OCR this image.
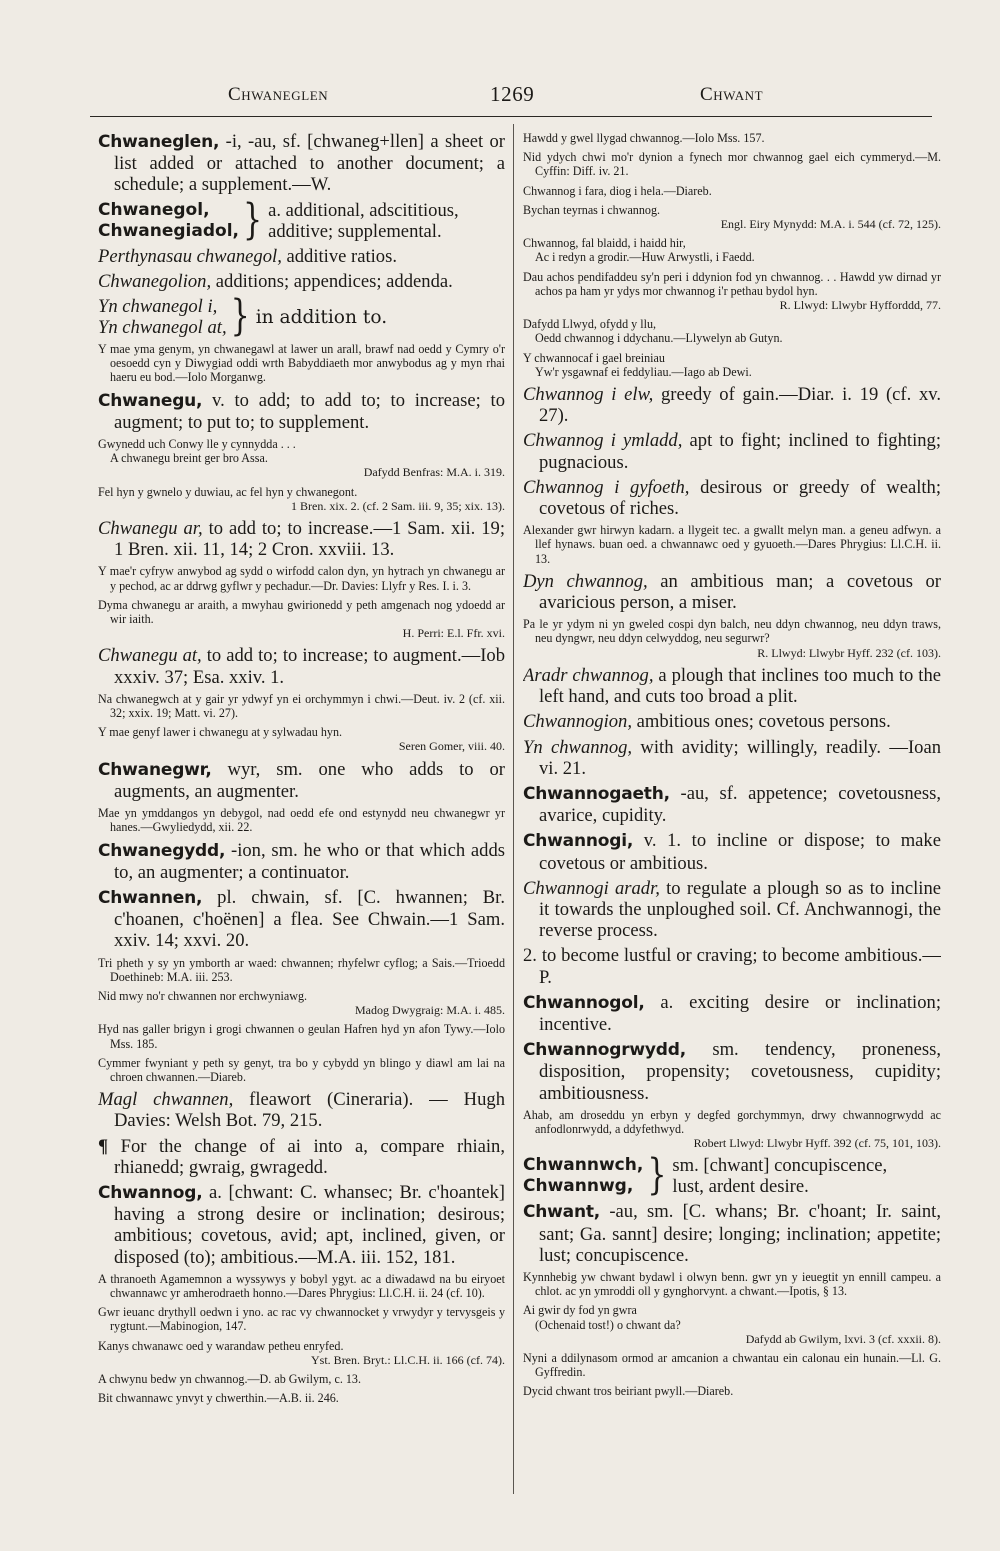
Chwaneglen	1269	Chwant

Chwaneglen, -i, -au, sf. [chwaneg+llen] a sheet or list added or attached to another document; a schedule; a supplement.—W.

Chwanegol,
Chwanegiadol, } a. additional, adscititious, additive; supplemental.

Perthynasau chwanegol, additive ratios.

Chwanegolion, additions; appendices; addenda.

Yn chwanegol i,
Yn chwanegol at, } in addition to.

Y mae yma genym, yn chwanegawl at lawer un arall, brawf nad oedd y Cymry o'r oesoedd cyn y Diwygiad oddi wrth Babyddiaeth mor anwybodus ag y myn rhai haeru eu bod.—Iolo Morganwg.

Chwanegu, v. to add; to add to; to increase; to augment; to put to; to supplement.

Gwynedd uch Conwy lle y cynnydda . . .
A chwanegu breint ger bro Assa.
Dafydd Benfras: M.A. i. 319.

Fel hyn y gwnelo y duwiau, ac fel hyn y chwanegont.
1 Bren. xix. 2. (cf. 2 Sam. iii. 9, 35; xix. 13).

Chwanegu ar, to add to; to increase.—1 Sam. xii. 19; 1 Bren. xii. 11, 14; 2 Cron. xxviii. 13.

Y mae'r cyfryw anwybod ag sydd o wirfodd calon dyn, yn hytrach yn chwanegu ar y pechod, ac ar ddrwg gyflwr y pechadur.—Dr. Davies: Llyfr y Res. I. i. 3.

Dyma chwanegu ar araith, a mwyhau gwirionedd y peth amgenach nog ydoedd ar wir iaith.
H. Perri: E.l. Ffr. xvi.

Chwanegu at, to add to; to increase; to augment.—Iob xxxiv. 37; Esa. xxiv. 1.

Na chwanegwch at y gair yr ydwyf yn ei orchymmyn i chwi.—Deut. iv. 2 (cf. xii. 32; xxix. 19; Matt. vi. 27).

Y mae genyf lawer i chwanegu at y sylwadau hyn.
Seren Gomer, viii. 40.

Chwanegwr, wyr, sm. one who adds to or augments, an augmenter.

Mae yn ymddangos yn debygol, nad oedd efe ond estynydd neu chwanegwr yr hanes.—Gwyliedydd, xii. 22.

Chwanegydd, -ion, sm. he who or that which adds to, an augmenter; a continuator.

Chwannen, pl. chwain, sf. [C. hwannen; Br. c'hoanen, c'hoënen] a flea. See Chwain.—1 Sam. xxiv. 14; xxvi. 20.

Tri pheth y sy yn ymborth ar waed: chwannen; rhyfelwr cyflog; a Sais.—Trioedd Doethineb: M.A. iii. 253.

Nid mwy no'r chwannen nor erchwyniawg.
Madog Dwygraig: M.A. i. 485.

Hyd nas galler brigyn i grogi chwannen o geulan Hafren hyd yn afon Tywy.—Iolo Mss. 185.

Cymmer fwyniant y peth sy genyt, tra bo y cybydd yn blingo y diawl am lai na chroen chwannen.—Diareb.

Magl chwannen, fleawort (Cineraria). — Hugh Davies: Welsh Bot. 79, 215.

¶ For the change of ai into a, compare rhiain, rhianedd; gwraig, gwragedd.

Chwannog, a. [chwant: C. whansec; Br. c'hoantek] having a strong desire or inclination; desirous; ambitious; covetous, avid; apt, inclined, given, or disposed (to); ambitious.—M.A. iii. 152, 181.

A thranoeth Agamemnon a wyssywys y bobyl ygyt. ac a diwadawd na bu eiryoet chwannawc yr amherodraeth honno.—Dares Phrygius: Ll.C.H. ii. 24 (cf. 10).

Gwr ieuanc drythyll oedwn i yno. ac rac vy chwannocket y vrwydyr y tervysgeis y rygtunt.—Mabinogion, 147.

Kanys chwanawc oed y warandaw petheu enryfed.
Yst. Bren. Bryt.: Ll.C.H. ii. 166 (cf. 74).

A chwynu bedw yn chwannog.—D. ab Gwilym, c. 13.

Bit chwannawc ynvyt y chwerthin.—A.B. ii. 246.

Hawdd y gwel llygad chwannog.—Iolo Mss. 157.

Nid ydych chwi mo'r dynion a fynech mor chwannog gael eich cymmeryd.—M. Cyffin: Diff. iv. 21.

Chwannog i fara, diog i hela.—Diareb.

Bychan teyrnas i chwannog.
Engl. Eiry Mynydd: M.A. i. 544 (cf. 72, 125).

Chwannog, fal blaidd, i haidd hir,
Ac i redyn a grodir.—Huw Arwystli, i Faedd.

Dau achos pendifaddeu sy'n peri i ddynion fod yn chwannog. . . Hawdd yw dirnad yr achos pa ham yr ydys mor chwannog i'r pethau bydol hyn.
R. Llwyd: Llwybr Hyfforddd, 77.

Dafydd Llwyd, ofydd y llu,
Oedd chwannog i ddychanu.—Llywelyn ab Gutyn.

Y chwannocaf i gael breiniau
Yw'r ysgawnaf ei feddyliau.—Iago ab Dewi.

Chwannog i elw, greedy of gain.—Diar. i. 19 (cf. xv. 27).

Chwannog i ymladd, apt to fight; inclined to fighting; pugnacious.

Chwannog i gyfoeth, desirous or greedy of wealth; covetous of riches.

Alexander gwr hirwyn kadarn. a llygeit tec. a gwallt melyn man. a geneu adfwyn. a llef hynaws. buan oed. a chwannawc oed y gyuoeth.—Dares Phrygius: Ll.C.H. ii. 13.

Dyn chwannog, an ambitious man; a covetous or avaricious person, a miser.

Pa le yr ydym ni yn gweled cospi dyn balch, neu ddyn chwannog, neu ddyn traws, neu dyngwr, neu ddyn celwyddog, neu segurwr?
R. Llwyd: Llwybr Hyff. 232 (cf. 103).

Aradr chwannog, a plough that inclines too much to the left hand, and cuts too broad a plit.

Chwannogion, ambitious ones; covetous persons.

Yn chwannog, with avidity; willingly, readily. —Ioan vi. 21.

Chwannogaeth, -au, sf. appetence; covetousness, avarice, cupidity.

Chwannogi, v. 1. to incline or dispose; to make covetous or ambitious.

Chwannogi aradr, to regulate a plough so as to incline it towards the unploughed soil. Cf. Anchwannogi, the reverse process.

2. to become lustful or craving; to become ambitious.—P.

Chwannogol, a. exciting desire or inclination; incentive.

Chwannogrwydd, sm. tendency, proneness, disposition, propensity; covetousness, cupidity; ambitiousness.

Ahab, am droseddu yn erbyn y degfed gorchymmyn, drwy chwannogrwydd ac anfodlonrwydd, a ddyfethwyd.
Robert Llwyd: Llwybr Hyff. 392 (cf. 75, 101, 103).

Chwannwch,
Chwannwg, } sm. [chwant] concupiscence,
lust, ardent desire.

Chwant, -au, sm. [C. whans; Br. c'hoant; Ir. saint, sant; Ga. sannt] desire; longing; inclination; appetite; lust; concupiscence.

Kynnhebig yw chwant bydawl i olwyn benn. gwr yn y ieuegtit yn ennill campeu. a chlot. ac yn ymroddi oll y gynghorvynt. a chwant.—Ipotis, § 13.

Ai gwir dy fod yn gwra
(Ochenaid tost!) o chwant da?
Dafydd ab Gwilym, lxvi. 3 (cf. xxxii. 8).

Nyni a ddilynasom ormod ar amcanion a chwantau ein calonau ein hunain.—Ll. G. Gyffredin.

Dycid chwant tros beiriant pwyll.—Diareb.
